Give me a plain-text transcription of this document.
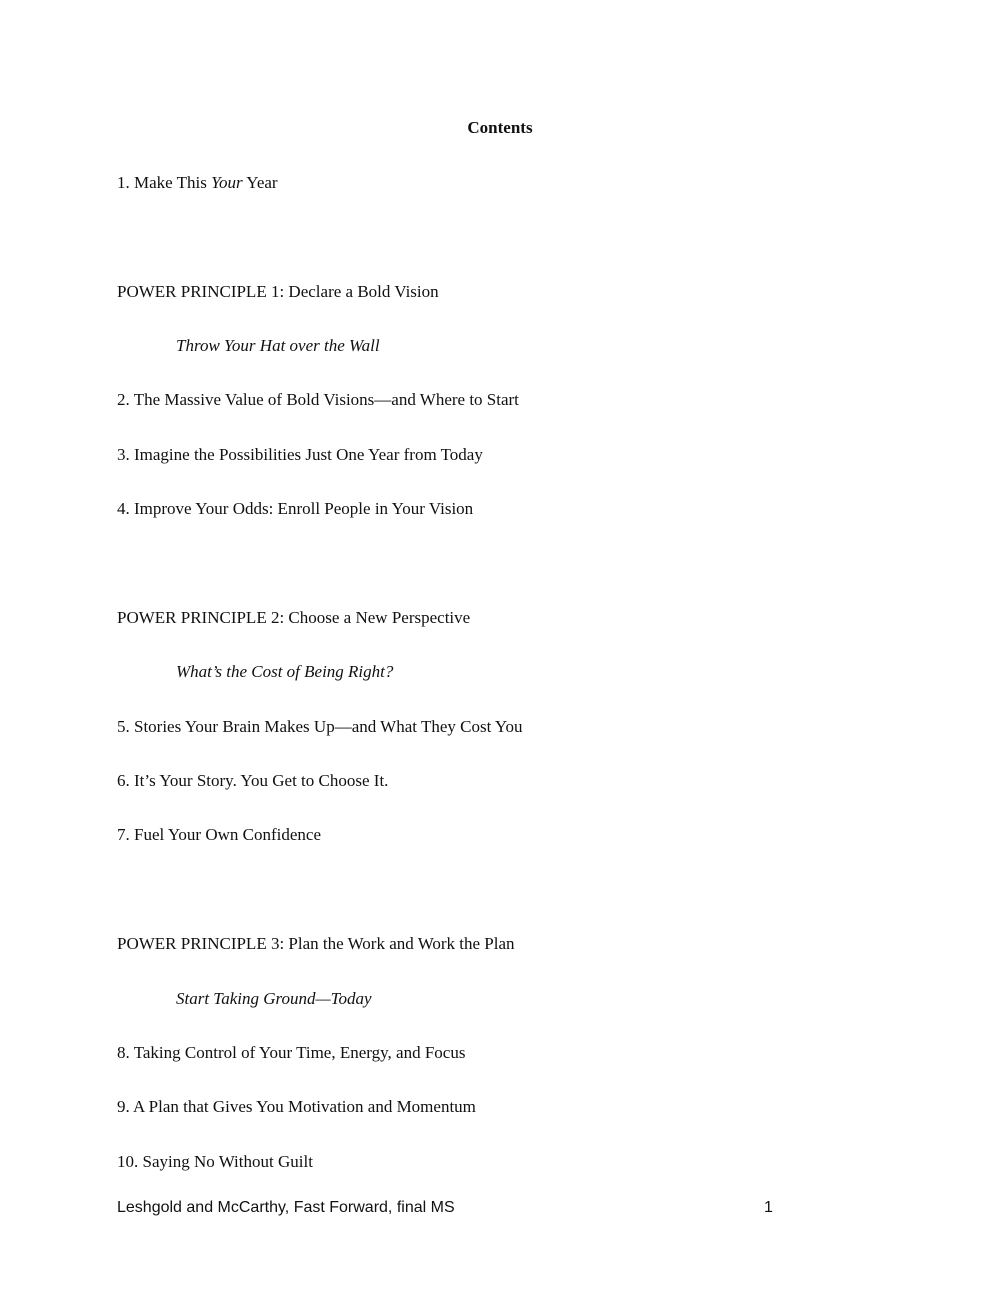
Contents
1. Make This Your Year
POWER PRINCIPLE 1: Declare a Bold Vision
Throw Your Hat over the Wall
2. The Massive Value of Bold Visions—and Where to Start
3. Imagine the Possibilities Just One Year from Today
4. Improve Your Odds: Enroll People in Your Vision
POWER PRINCIPLE 2: Choose a New Perspective
What’s the Cost of Being Right?
5. Stories Your Brain Makes Up—and What They Cost You
6. It’s Your Story. You Get to Choose It.
7. Fuel Your Own Confidence
POWER PRINCIPLE 3: Plan the Work and Work the Plan
Start Taking Ground—Today
8. Taking Control of Your Time, Energy, and Focus
9. A Plan that Gives You Motivation and Momentum
10. Saying No Without Guilt
Leshgold and McCarthy, Fast Forward, final MS	1
